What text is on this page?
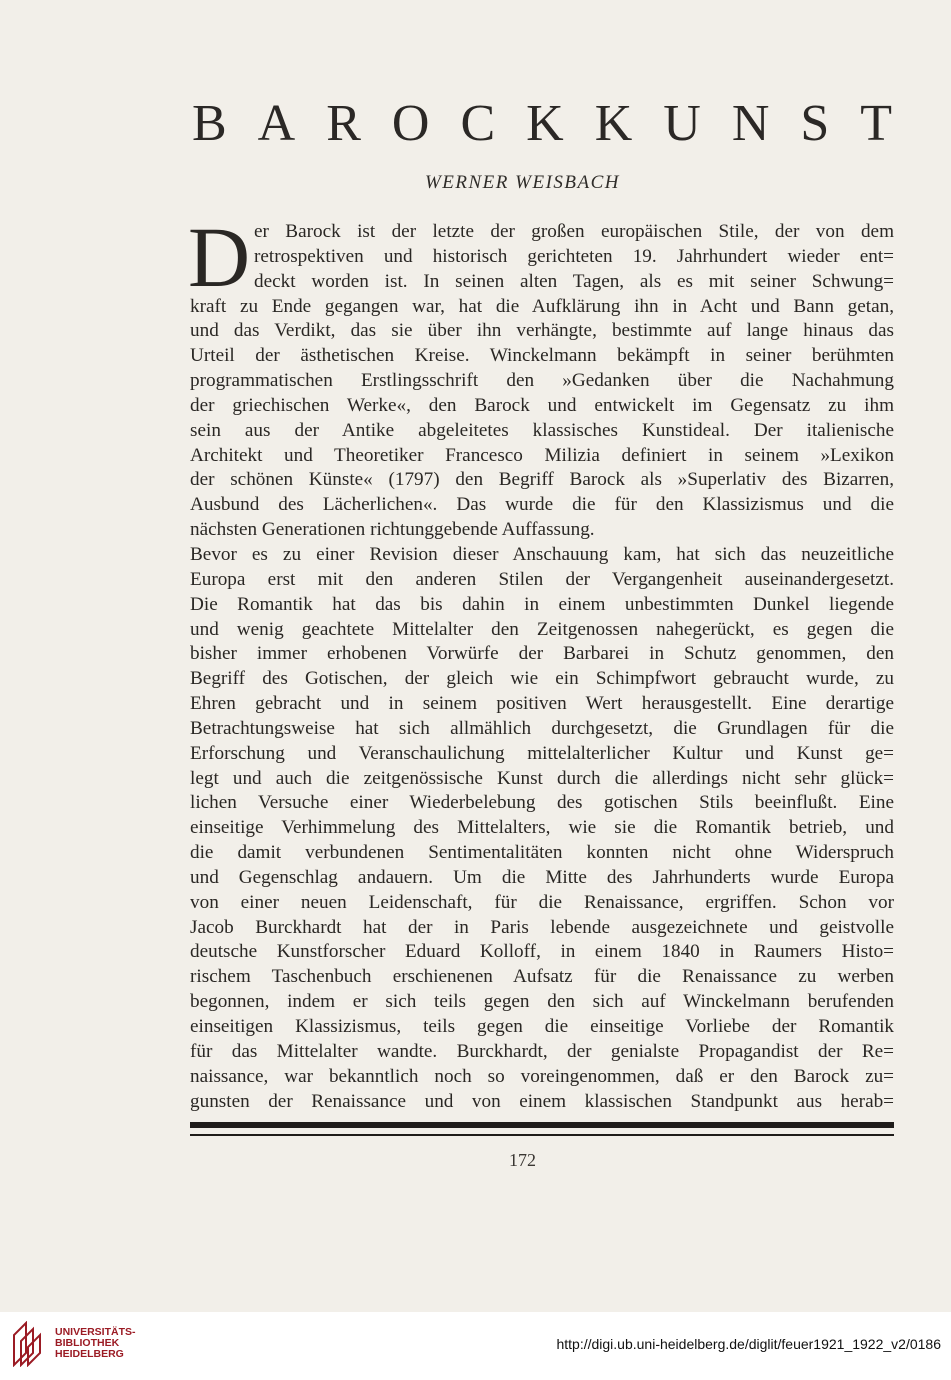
BAROCKKUNST
WERNER WEISBACH
D er Barock ist der letzte der großen europäischen Stile, der von dem
retrospektiven und historisch gerichteten 19. Jahrhundert wieder ent=
deckt worden ist. In seinen alten Tagen, als es mit seiner Schwung=
kraft zu Ende gegangen war, hat die Aufklärung ihn in Acht und Bann getan,
und das Verdikt, das sie über ihn verhängte, bestimmte auf lange hinaus das
Urteil der ästhetischen Kreise. Winckelmann bekämpft in seiner berühmten
programmatischen Erstlingsschrift den »Gedanken über die Nachahmung
der griechischen Werke«, den Barock und entwickelt im Gegensatz zu ihm
sein aus der Antike abgeleitetes klassisches Kunstideal. Der italienische
Architekt und Theoretiker Francesco Milizia definiert in seinem »Lexikon
der schönen Künste« (1797) den Begriff Barock als »Superlativ des Bizarren,
Ausbund des Lächerlichen«. Das wurde die für den Klassizismus und die
nächsten Generationen richtunggebende Auffassung.
Bevor es zu einer Revision dieser Anschauung kam, hat sich das neuzeitliche
Europa erst mit den anderen Stilen der Vergangenheit auseinandergesetzt.
Die Romantik hat das bis dahin in einem unbestimmten Dunkel liegende
und wenig geachtete Mittelalter den Zeitgenossen nahegerückt, es gegen die
bisher immer erhobenen Vorwürfe der Barbarei in Schutz genommen, den
Begriff des Gotischen, der gleich wie ein Schimpfwort gebraucht wurde, zu
Ehren gebracht und in seinem positiven Wert herausgestellt. Eine derartige
Betrachtungsweise hat sich allmählich durchgesetzt, die Grundlagen für die
Erforschung und Veranschaulichung mittelalterlicher Kultur und Kunst ge=
legt und auch die zeitgenössische Kunst durch die allerdings nicht sehr glück=
lichen Versuche einer Wiederbelebung des gotischen Stils beeinflußt. Eine
einseitige Verhimmelung des Mittelalters, wie sie die Romantik betrieb, und
die damit verbundenen Sentimentalitäten konnten nicht ohne Widerspruch
und Gegenschlag andauern. Um die Mitte des Jahrhunderts wurde Europa
von einer neuen Leidenschaft, für die Renaissance, ergriffen. Schon vor
Jacob Burckhardt hat der in Paris lebende ausgezeichnete und geistvolle
deutsche Kunstforscher Eduard Kolloff, in einem 1840 in Raumers Histo=
rischem Taschenbuch erschienenen Aufsatz für die Renaissance zu werben
begonnen, indem er sich teils gegen den sich auf Winckelmann berufenden
einseitigen Klassizismus, teils gegen die einseitige Vorliebe der Romantik
für das Mittelalter wandte. Burckhardt, der genialste Propagandist der Re=
naissance, war bekanntlich noch so voreingenommen, daß er den Barock zu=
gunsten der Renaissance und von einem klassischen Standpunkt aus herab=
172
UNIVERSITÄTS-
BIBLIOTHEK
HEIDELBERG
http://digi.ub.uni-heidelberg.de/diglit/feuer1921_1922_v2/0186
